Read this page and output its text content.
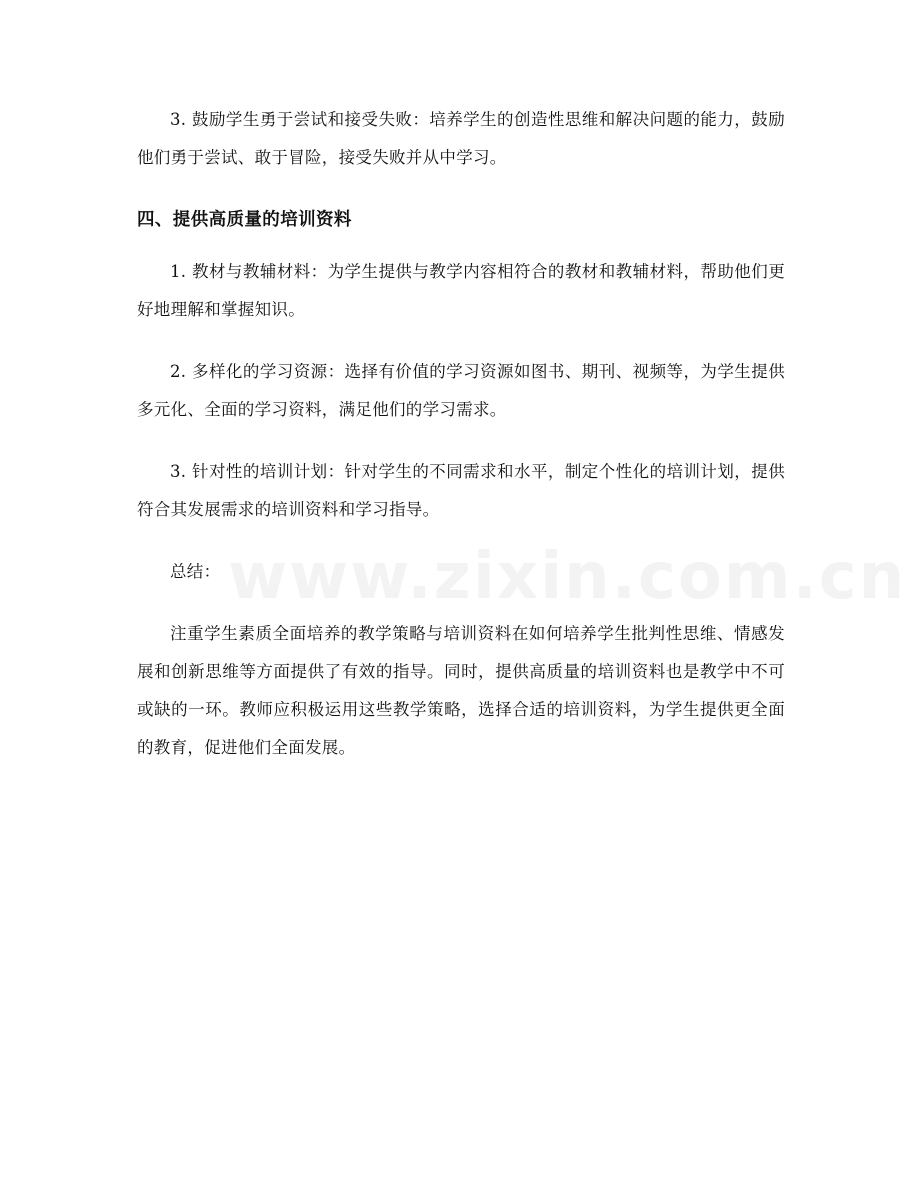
3. 鼓励学生勇于尝试和接受失败：培养学生的创造性思维和解决问题的能力，鼓励他们勇于尝试、敢于冒险，接受失败并从中学习。

四、提供高质量的培训资料

1. 教材与教辅材料：为学生提供与教学内容相符合的教材和教辅材料，帮助他们更好地理解和掌握知识。

2. 多样化的学习资源：选择有价值的学习资源如图书、期刊、视频等，为学生提供多元化、全面的学习资料，满足他们的学习需求。

3. 针对性的培训计划：针对学生的不同需求和水平，制定个性化的培训计划，提供符合其发展需求的培训资料和学习指导。

总结：

注重学生素质全面培养的教学策略与培训资料在如何培养学生批判性思维、情感发展和创新思维等方面提供了有效的指导。同时，提供高质量的培训资料也是教学中不可或缺的一环。教师应积极运用这些教学策略，选择合适的培训资料，为学生提供更全面的教育，促进他们全面发展。

www.zixin.com.cn
